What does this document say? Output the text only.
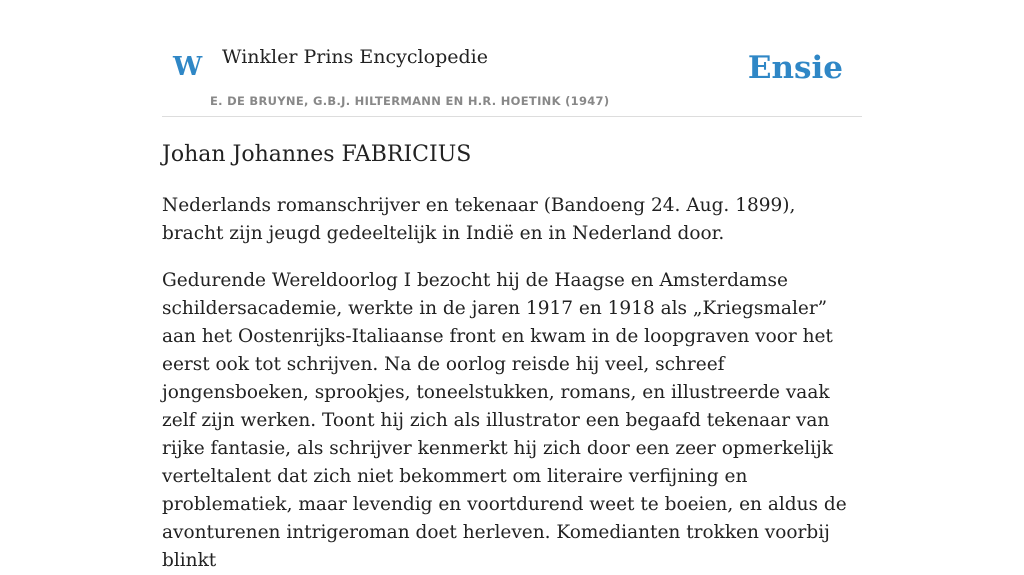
W Winkler Prins Encyclopedie
E. DE BRUYNE, G.B.J. HILTERMANN EN H.R. HOETINK (1947)
Ensie
Johan Johannes FABRICIUS

Nederlands romanschrijver en tekenaar (Bandoeng 24. Aug. 1899), bracht zijn jeugd gedeeltelijk in Indië en in Nederland door.

Gedurende Wereldoorlog I bezocht hij de Haagse en Amsterdamse schildersacademie, werkte in de jaren 1917 en 1918 als „Kriegsmaler” aan het Oostenrijks-Italiaanse front en kwam in de loopgraven voor het eerst ook tot schrijven. Na de oorlog reisde hij veel, schreef jongensboeken, sprookjes, toneelstukken, romans, en illustreerde vaak zelf zijn werken. Toont hij zich als illustrator een begaafd tekenaar van rijke fantasie, als schrijver kenmerkt hij zich door een zeer opmerkelijk verteltalent dat zich niet bekommert om literaire verfijning en problematiek, maar levendig en voortdurend weet te boeien, en aldus de avonturenen intrigeroman doet herleven. Komedianten trokken voorbij blinkt
